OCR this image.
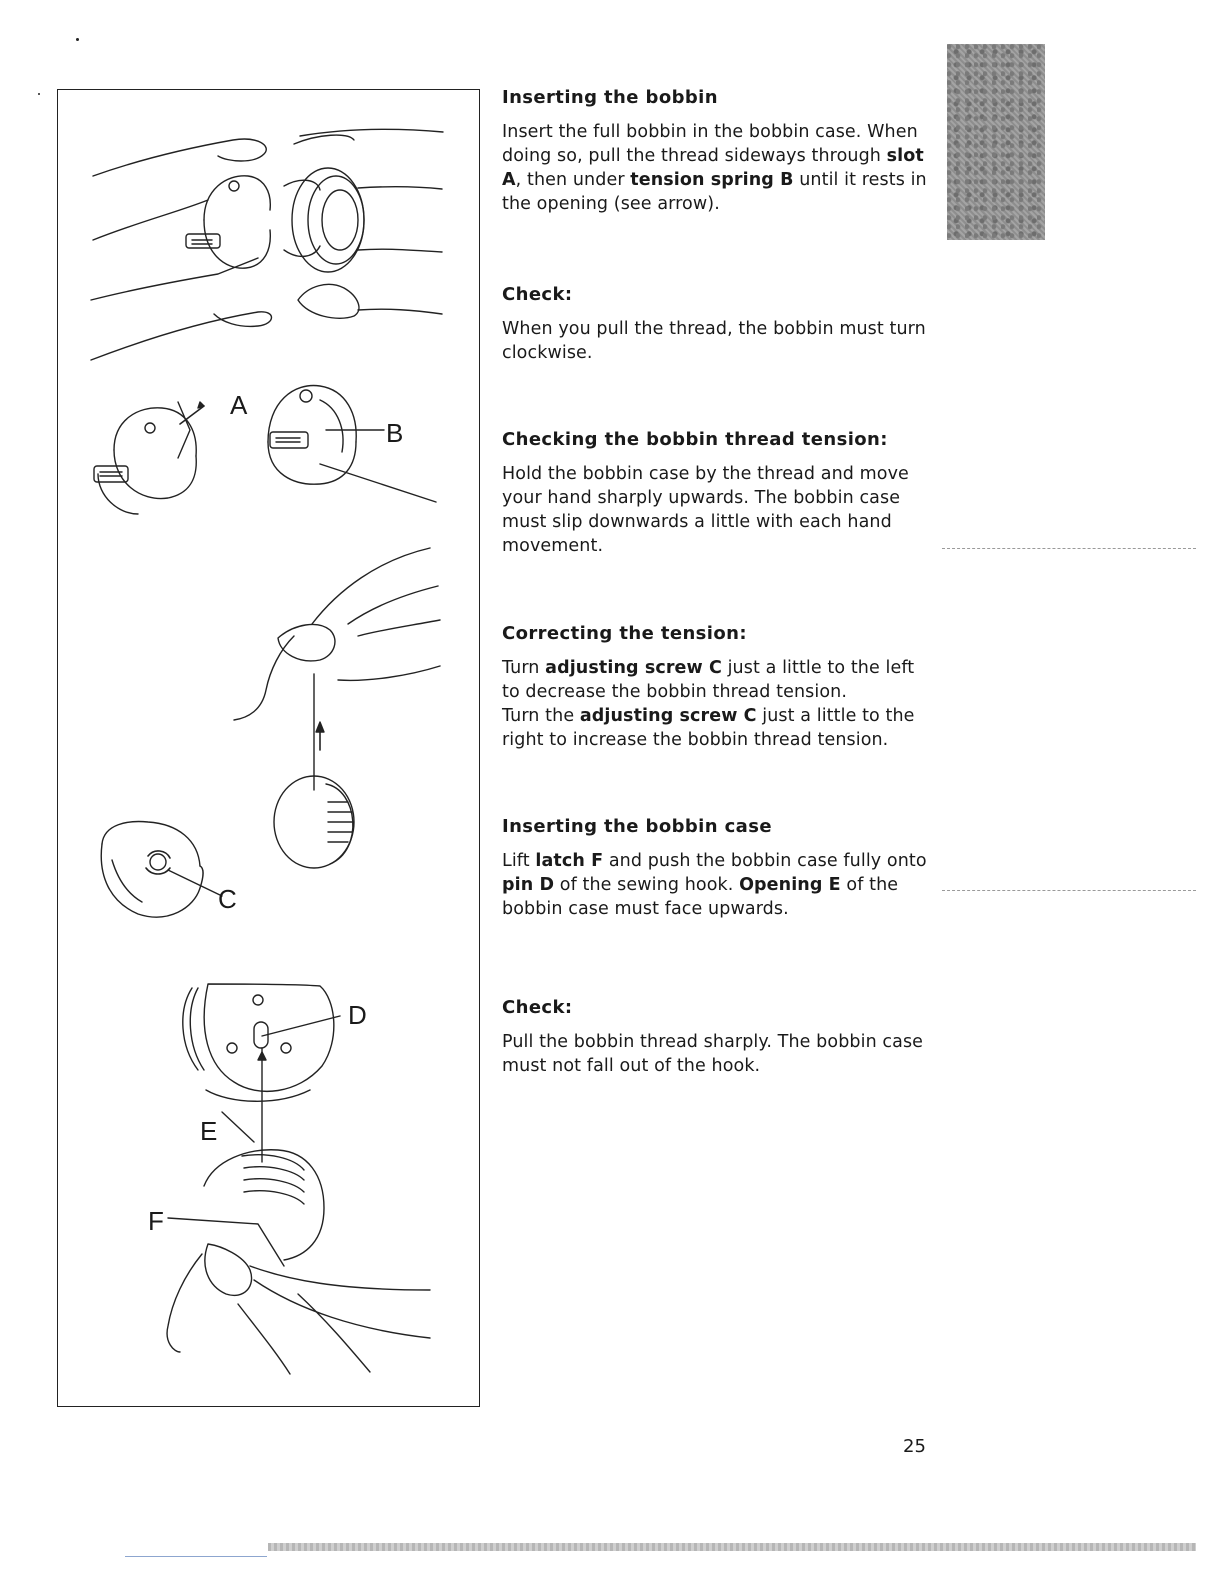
A
B
C
D
E
F
Inserting the bobbin

Insert the full bobbin in the bobbin case. When doing so, pull the thread sideways through slot A, then under tension spring B until it rests in the opening (see arrow).

Check:

When you pull the thread, the bobbin must turn clockwise.

Checking the bobbin thread tension:

Hold the bobbin case by the thread and move your hand sharply upwards. The bobbin case must slip downwards a little with each hand movement.

Correcting the tension:

Turn adjusting screw C just a little to the left to decrease the bobbin thread tension.
Turn the adjusting screw C just a little to the right to increase the bobbin thread tension.

Inserting the bobbin case

Lift latch F and push the bobbin case fully onto pin D of the sewing hook. Opening E of the bobbin case must face upwards.

Check:

Pull the bobbin thread sharply. The bobbin case must not fall out of the hook.

25
